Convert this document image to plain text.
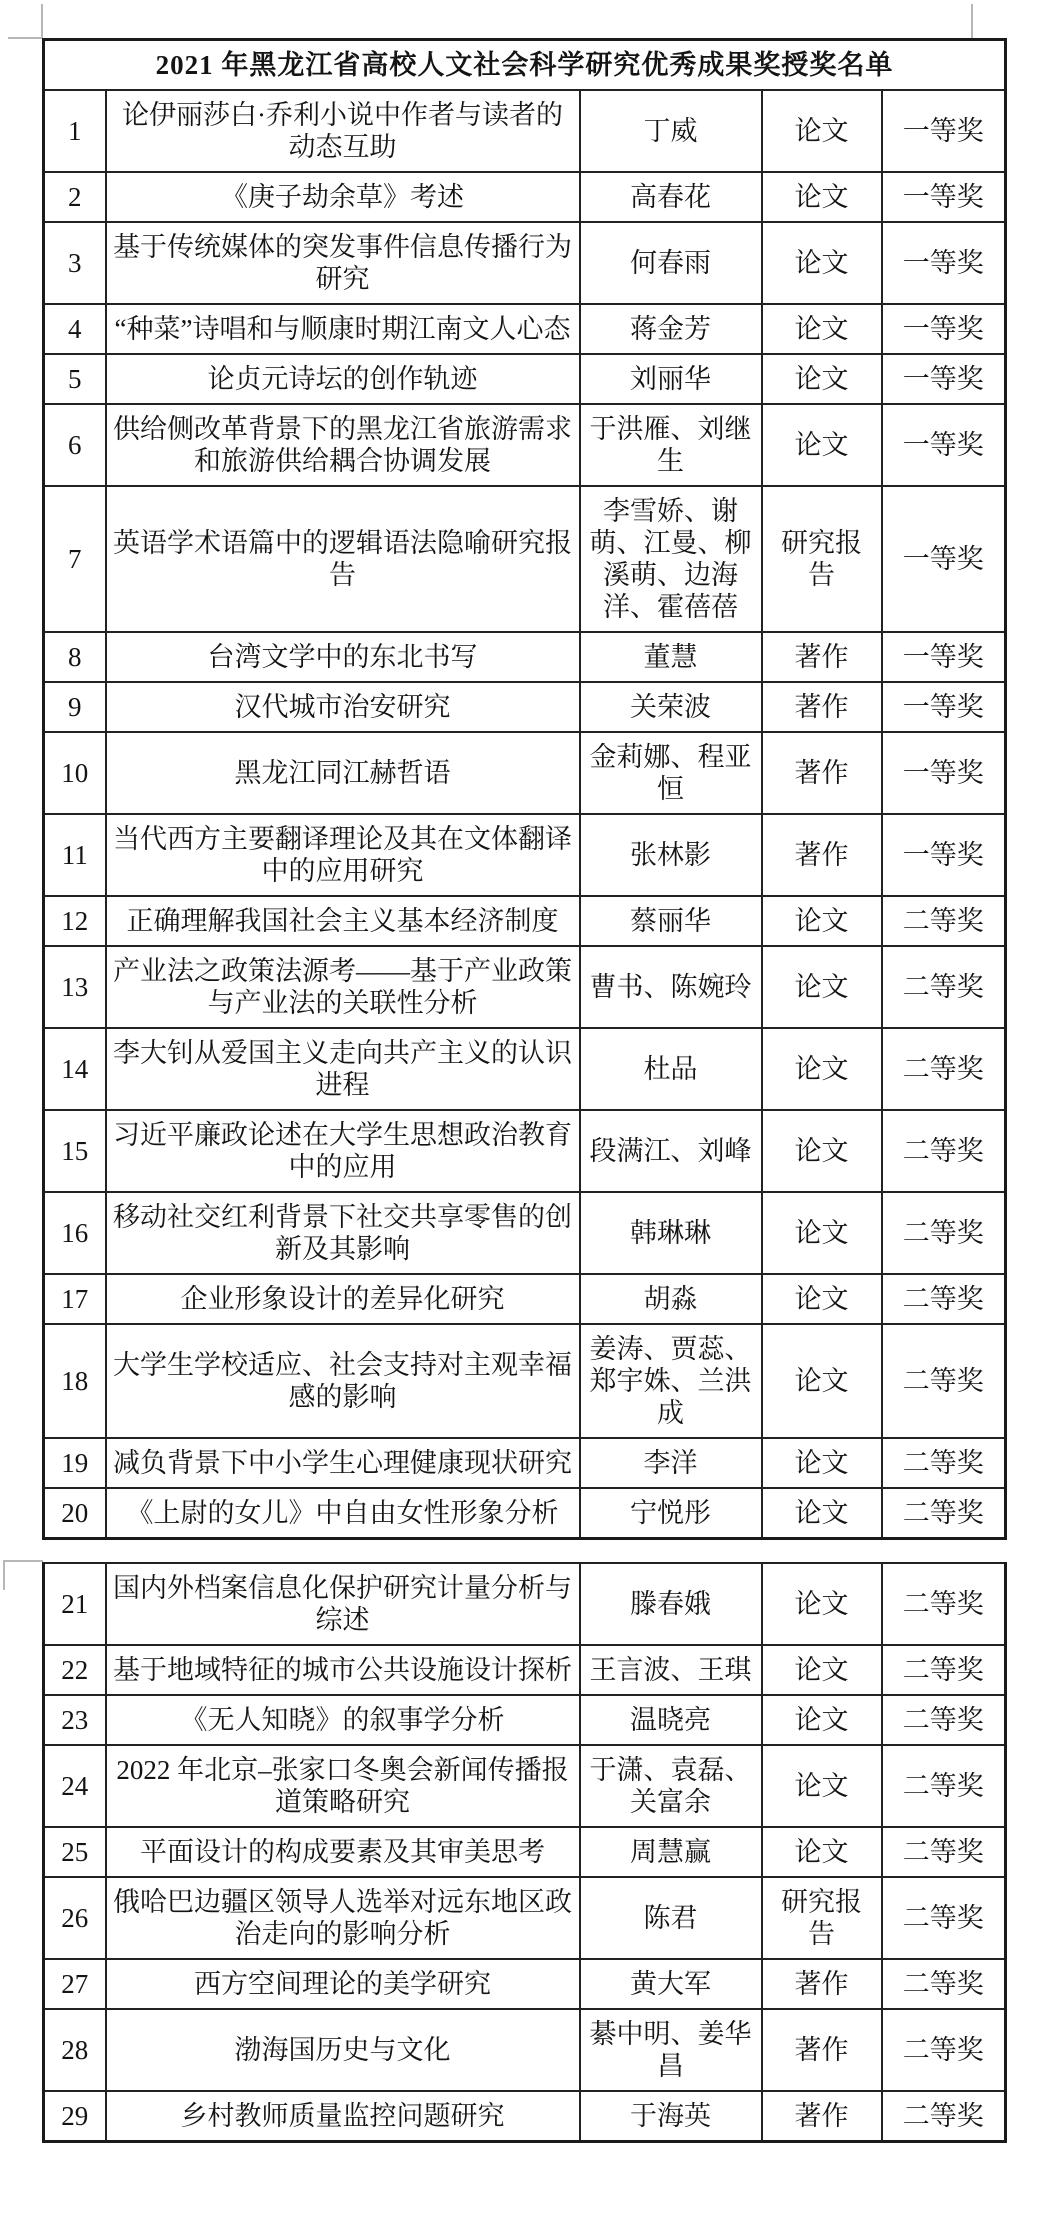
2021 年黑龙江省高校人文社会科学研究优秀成果奖授奖名单				
1	论伊丽莎白·乔利小说中作者与读者的动态互助	丁威	论文	一等奖
2	《庚子劫余草》考述	高春花	论文	一等奖
3	基于传统媒体的突发事件信息传播行为研究	何春雨	论文	一等奖
4	“种菜”诗唱和与顺康时期江南文人心态	蒋金芳	论文	一等奖
5	论贞元诗坛的创作轨迹	刘丽华	论文	一等奖
6	供给侧改革背景下的黑龙江省旅游需求和旅游供给耦合协调发展	于洪雁、刘继生	论文	一等奖
7	英语学术语篇中的逻辑语法隐喻研究报告	李雪娇、谢萌、江曼、柳溪萌、边海洋、霍蓓蓓	研究报告	一等奖
8	台湾文学中的东北书写	董慧	著作	一等奖
9	汉代城市治安研究	关荣波	著作	一等奖
10	黑龙江同江赫哲语	金莉娜、程亚恒	著作	一等奖
11	当代西方主要翻译理论及其在文体翻译中的应用研究	张林影	著作	一等奖
12	正确理解我国社会主义基本经济制度	蔡丽华	论文	二等奖
13	产业法之政策法源考——基于产业政策与产业法的关联性分析	曹书、陈婉玲	论文	二等奖
14	李大钊从爱国主义走向共产主义的认识进程	杜品	论文	二等奖
15	习近平廉政论述在大学生思想政治教育中的应用	段满江、刘峰	论文	二等奖
16	移动社交红利背景下社交共享零售的创新及其影响	韩琳琳	论文	二等奖
17	企业形象设计的差异化研究	胡淼	论文	二等奖
18	大学生学校适应、社会支持对主观幸福感的影响	姜涛、贾蕊、郑宇姝、兰洪成	论文	二等奖
19	减负背景下中小学生心理健康现状研究	李洋	论文	二等奖
20	《上尉的女儿》中自由女性形象分析	宁悦彤	论文	二等奖
21	国内外档案信息化保护研究计量分析与综述	滕春娥	论文	二等奖
22	基于地域特征的城市公共设施设计探析	王言波、王琪	论文	二等奖
23	《无人知晓》的叙事学分析	温晓亮	论文	二等奖
24	2022 年北京–张家口冬奥会新闻传播报道策略研究	于潇、袁磊、关富余	论文	二等奖
25	平面设计的构成要素及其审美思考	周慧赢	论文	二等奖
26	俄哈巴边疆区领导人选举对远东地区政治走向的影响分析	陈君	研究报告	二等奖
27	西方空间理论的美学研究	黄大军	著作	二等奖
28	渤海国历史与文化	綦中明、姜华昌	著作	二等奖
29	乡村教师质量监控问题研究	于海英	著作	二等奖
